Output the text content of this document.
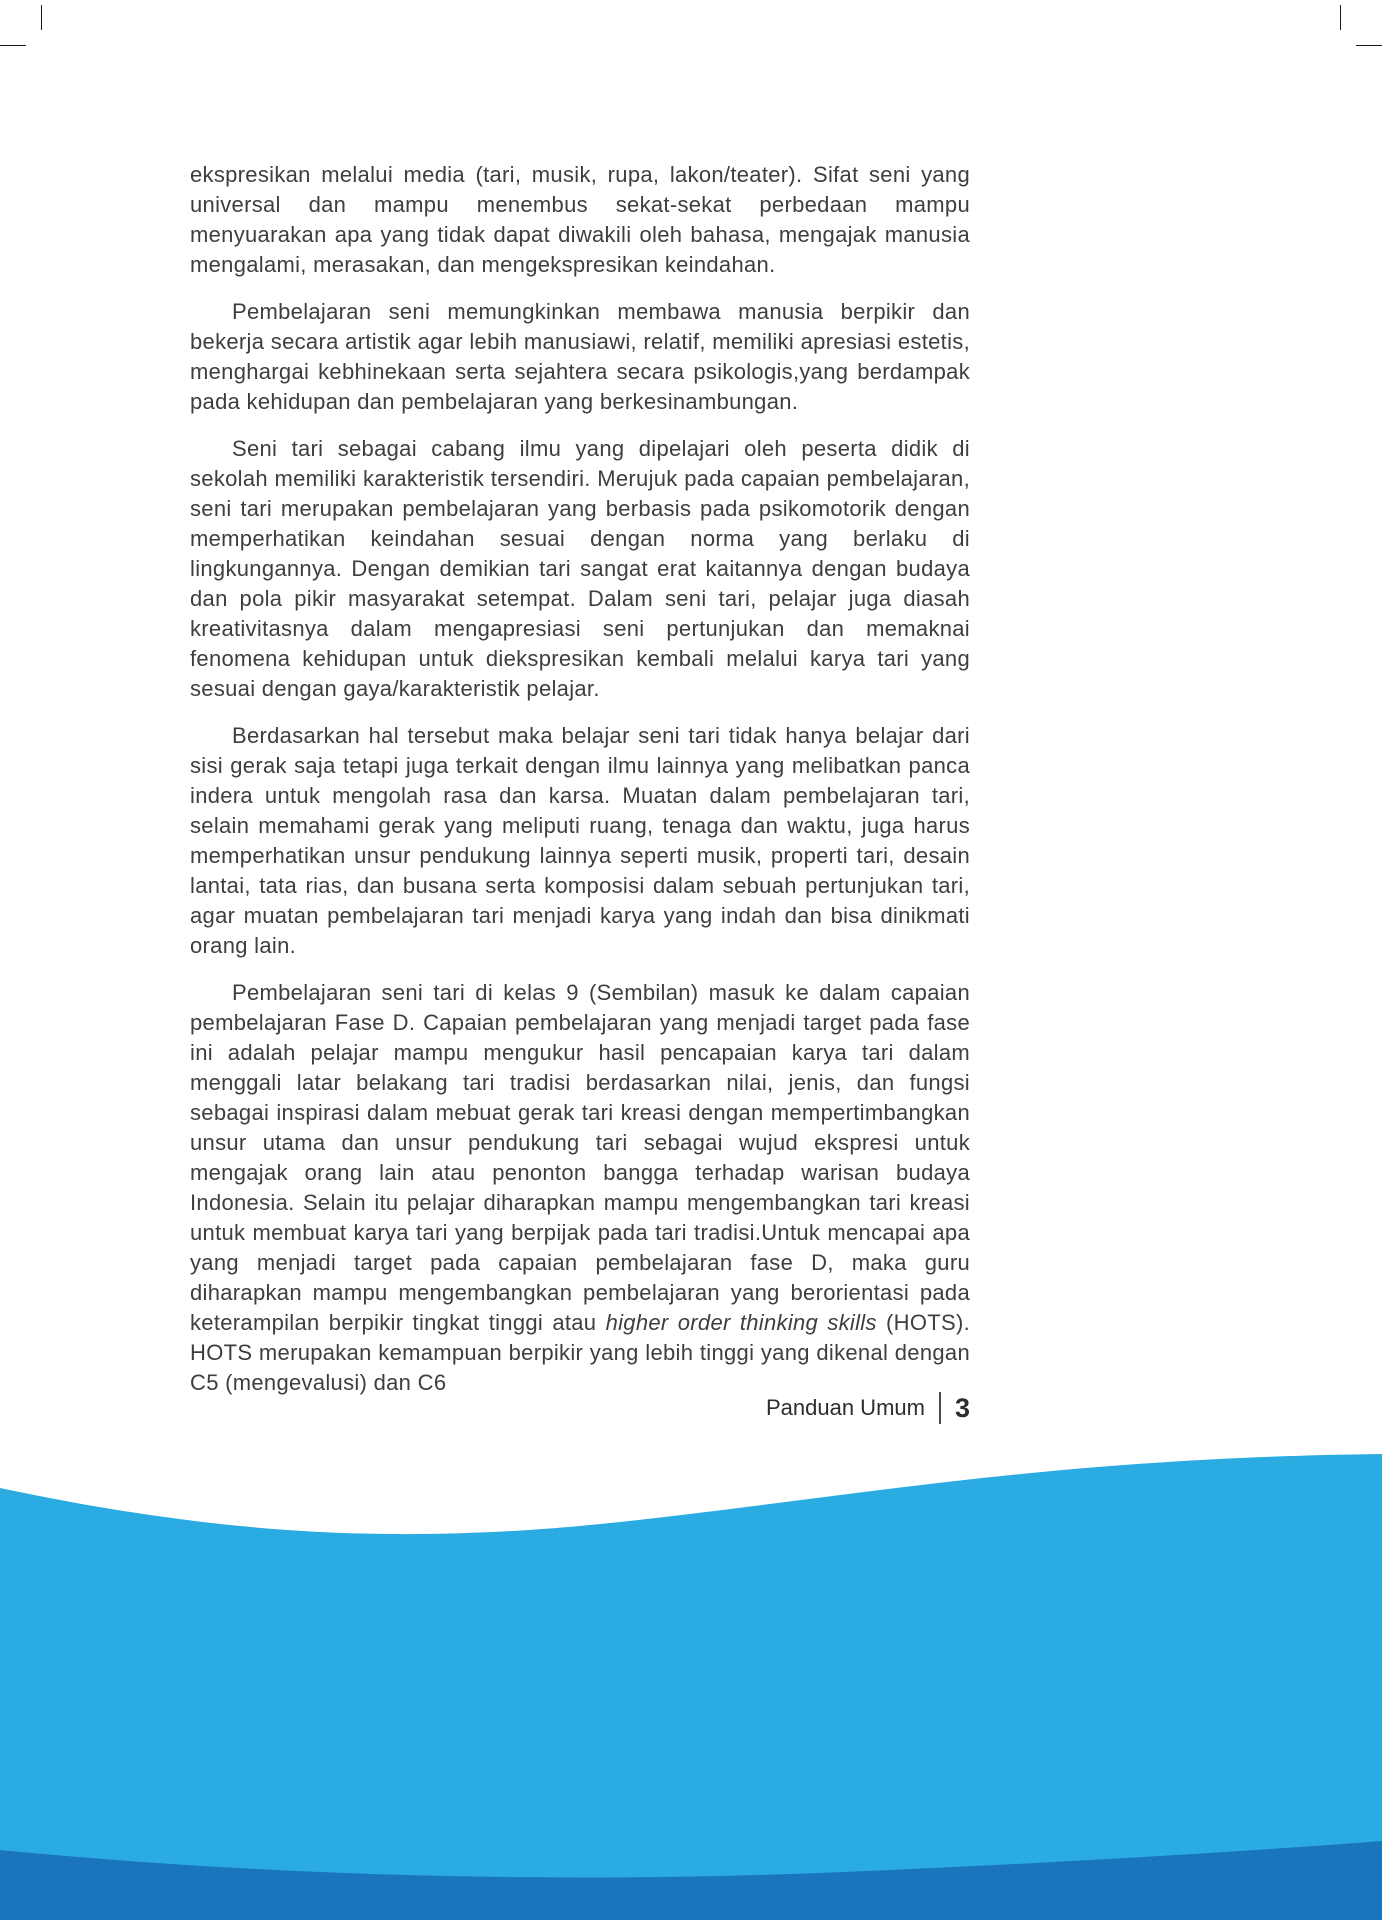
ekspresikan melalui media (tari, musik, rupa, lakon/teater). Sifat seni yang universal dan mampu menembus sekat-sekat perbedaan mampu menyuarakan apa yang tidak dapat diwakili oleh bahasa, mengajak manusia mengalami, merasakan, dan mengekspresikan keindahan.

Pembelajaran seni memungkinkan membawa manusia berpikir dan bekerja secara artistik agar lebih manusiawi, relatif, memiliki apresiasi estetis, menghargai kebhinekaan serta sejahtera secara psikologis,yang berdampak pada kehidupan dan pembelajaran yang berkesinambungan.

Seni tari sebagai cabang ilmu yang dipelajari oleh peserta didik di sekolah memiliki karakteristik tersendiri. Merujuk pada capaian pembelajaran, seni tari merupakan pembelajaran yang berbasis pada psikomotorik dengan memperhatikan keindahan sesuai dengan norma yang berlaku di lingkungannya. Dengan demikian tari sangat erat kaitannya dengan budaya dan pola pikir masyarakat setempat. Dalam seni tari, pelajar juga diasah kreativitasnya dalam mengapresiasi seni pertunjukan dan memaknai fenomena kehidupan untuk diekspresikan kembali melalui karya tari yang sesuai dengan gaya/karakteristik pelajar.

Berdasarkan hal tersebut maka belajar seni tari tidak hanya belajar dari sisi gerak saja tetapi juga terkait dengan ilmu lainnya yang melibatkan panca indera untuk mengolah rasa dan karsa. Muatan dalam pembelajaran tari, selain memahami gerak yang meliputi ruang, tenaga dan waktu, juga harus memperhatikan unsur pendukung lainnya seperti musik, properti tari, desain lantai, tata rias, dan busana serta komposisi dalam sebuah pertunjukan tari, agar muatan pembelajaran tari menjadi karya yang indah dan bisa dinikmati orang lain.

Pembelajaran seni tari di kelas 9 (Sembilan) masuk ke dalam capaian pembelajaran Fase D. Capaian pembelajaran yang menjadi target pada fase ini adalah pelajar mampu mengukur hasil pencapaian karya tari dalam menggali latar belakang tari tradisi berdasarkan nilai, jenis, dan fungsi sebagai inspirasi dalam mebuat gerak tari kreasi dengan mempertimbangkan unsur utama dan unsur pendukung tari sebagai wujud ekspresi untuk mengajak orang lain atau penonton bangga terhadap warisan budaya Indonesia. Selain itu pelajar diharapkan mampu mengembangkan tari kreasi untuk membuat karya tari yang berpijak pada tari tradisi.Untuk mencapai apa yang menjadi target pada capaian pembelajaran fase D, maka guru diharapkan mampu mengembangkan pembelajaran yang berorientasi pada keterampilan berpikir tingkat tinggi atau higher order thinking skills (HOTS). HOTS merupakan kemampuan berpikir yang lebih tinggi yang dikenal dengan C5 (mengevalusi) dan C6

Panduan Umum 3
